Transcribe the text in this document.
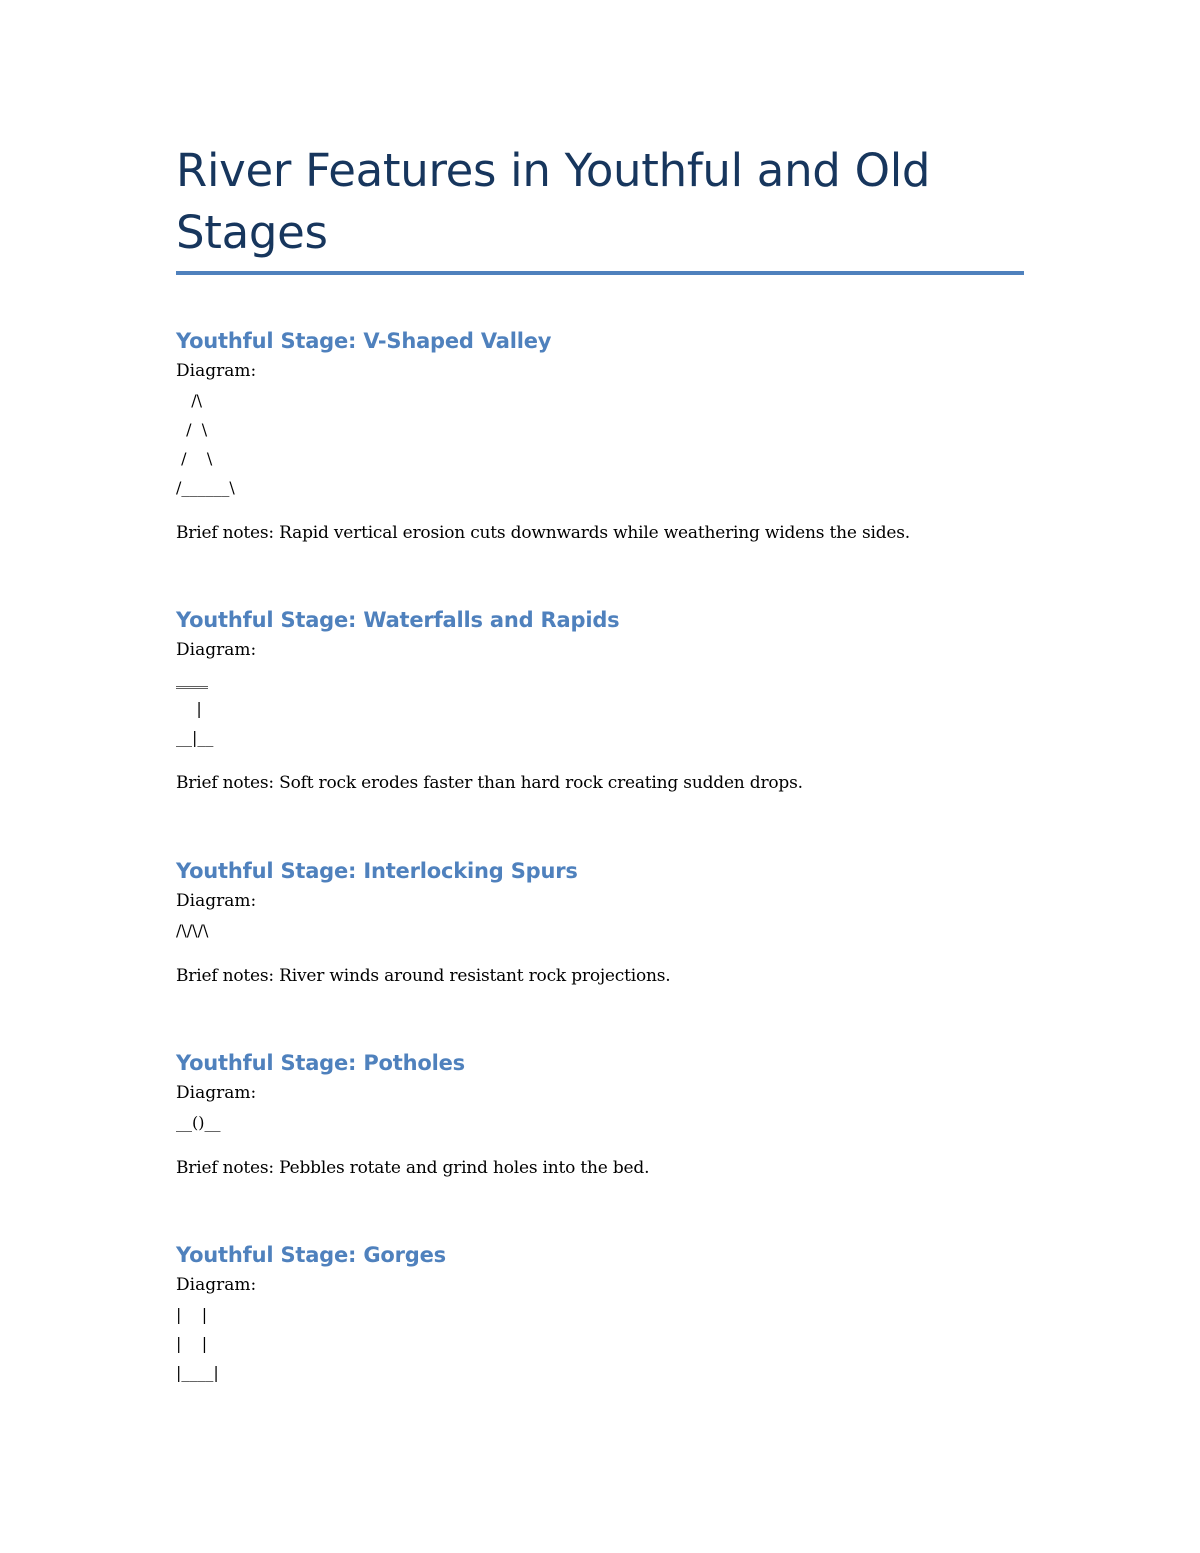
River Features in Youthful and Old Stages
Youthful Stage: V-Shaped Valley

Diagram:

/\

/  \

/    \

/______\

Brief notes: Rapid vertical erosion cuts downwards while weathering widens the sides.

Youthful Stage: Waterfalls and Rapids

Diagram:

‗‗‗‗

|

__|__

Brief notes: Soft rock erodes faster than hard rock creating sudden drops.

Youthful Stage: Interlocking Spurs

Diagram:

/\/\/\

Brief notes: River winds around resistant rock projections.

Youthful Stage: Potholes

Diagram:

__()__

Brief notes: Pebbles rotate and grind holes into the bed.

Youthful Stage: Gorges

Diagram:

|    |

|    |

|____|
